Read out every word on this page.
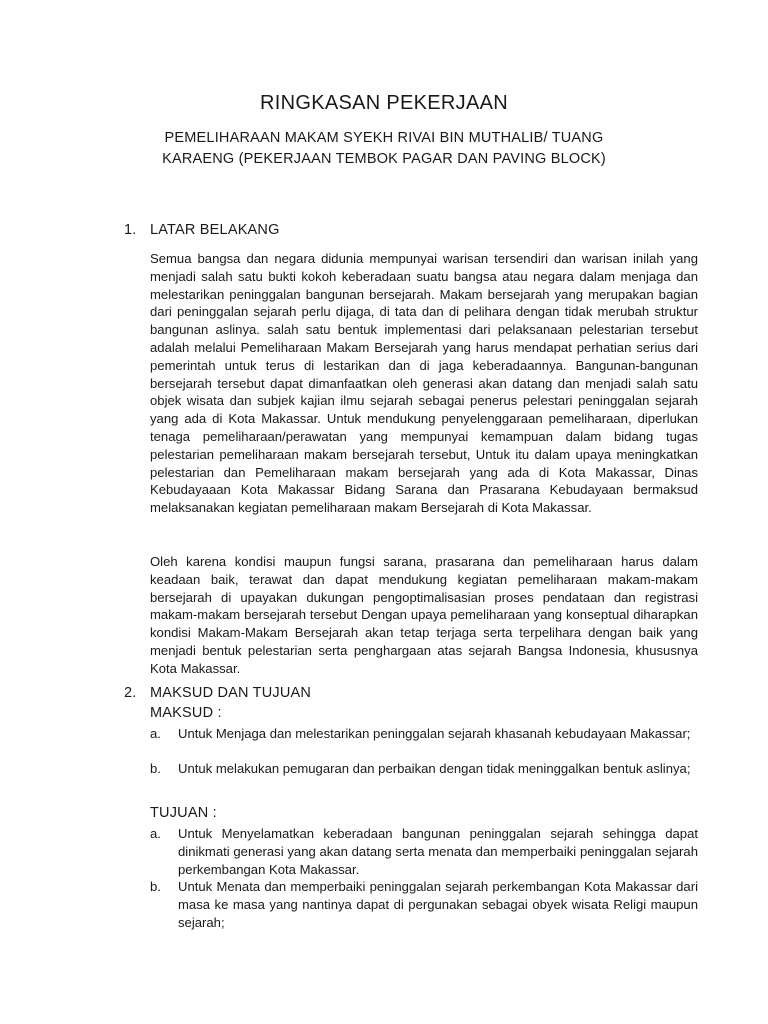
RINGKASAN PEKERJAAN
PEMELIHARAAN MAKAM SYEKH RIVAI BIN MUTHALIB/ TUANG KARAENG (PEKERJAAN TEMBOK PAGAR DAN PAVING BLOCK)
1. LATAR BELAKANG
Semua bangsa dan negara didunia mempunyai warisan tersendiri dan warisan inilah yang menjadi salah satu bukti kokoh keberadaan suatu bangsa atau negara dalam menjaga dan melestarikan peninggalan bangunan bersejarah. Makam bersejarah yang merupakan bagian dari peninggalan sejarah perlu dijaga, di tata dan di pelihara dengan tidak merubah struktur bangunan aslinya. salah satu bentuk implementasi dari pelaksanaan pelestarian tersebut adalah melalui Pemeliharaan Makam Bersejarah yang harus mendapat perhatian serius dari pemerintah untuk terus di lestarikan dan di jaga keberadaannya. Bangunan-bangunan bersejarah tersebut dapat dimanfaatkan oleh generasi akan datang dan menjadi salah satu objek wisata dan subjek kajian ilmu sejarah sebagai penerus pelestari peninggalan sejarah yang ada di Kota Makassar. Untuk mendukung penyelenggaraan pemeliharaan, diperlukan tenaga pemeliharaan/perawatan yang mempunyai kemampuan dalam bidang tugas pelestarian pemeliharaan makam bersejarah tersebut, Untuk itu dalam upaya meningkatkan pelestarian dan Pemeliharaan makam bersejarah yang ada di Kota Makassar, Dinas Kebudayaaan Kota Makassar Bidang Sarana dan Prasarana Kebudayaan bermaksud melaksanakan kegiatan pemeliharaan makam Bersejarah di Kota Makassar.
Oleh karena kondisi maupun fungsi sarana, prasarana dan pemeliharaan harus dalam keadaan baik, terawat dan dapat mendukung kegiatan pemeliharaan makam-makam bersejarah di upayakan dukungan pengoptimalisasian proses pendataan dan registrasi makam-makam bersejarah tersebut Dengan upaya pemeliharaan yang konseptual diharapkan kondisi Makam-Makam Bersejarah akan tetap terjaga serta terpelihara dengan baik yang menjadi bentuk pelestarian serta penghargaan atas sejarah Bangsa Indonesia, khususnya Kota Makassar.
2. MAKSUD DAN TUJUAN
MAKSUD :
a. Untuk Menjaga dan melestarikan peninggalan sejarah khasanah kebudayaan Makassar;
b. Untuk melakukan pemugaran dan perbaikan dengan tidak meninggalkan bentuk aslinya;
TUJUAN :
a. Untuk Menyelamatkan keberadaan bangunan peninggalan sejarah sehingga dapat dinikmati generasi yang akan datang serta menata dan memperbaiki peninggalan sejarah perkembangan Kota Makassar.
b. Untuk Menata dan memperbaiki peninggalan sejarah perkembangan Kota Makassar dari masa ke masa yang nantinya dapat di pergunakan sebagai obyek wisata Religi maupun sejarah;
